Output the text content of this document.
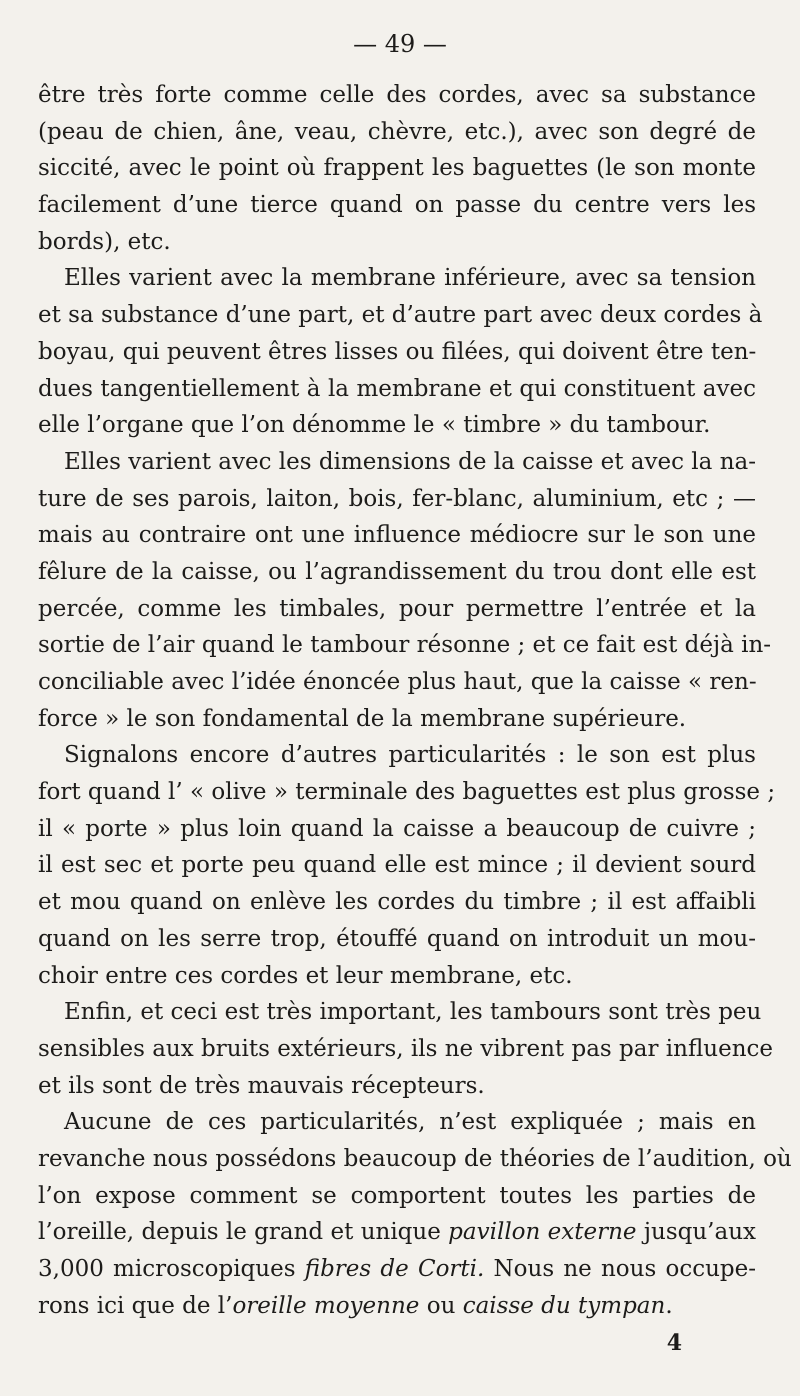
— 49 —
être très forte comme celle des cordes, avec sa substance
(peau de chien, âne, veau, chèvre, etc.), avec son degré de
siccité, avec le point où frappent les baguettes (le son monte
facilement d’une tierce quand on passe du centre vers les
bords), etc.
Elles varient avec la membrane inférieure, avec sa tension
et sa substance d’une part, et d’autre part avec deux cordes à
boyau, qui peuvent êtres lisses ou filées, qui doivent être ten-
dues tangentiellement à la membrane et qui constituent avec
elle l’organe que l’on dénomme le « timbre » du tambour.
Elles varient avec les dimensions de la caisse et avec la na-
ture de ses parois, laiton, bois, fer-blanc, aluminium, etc ; —
mais au contraire ont une influence médiocre sur le son une
fêlure de la caisse, ou l’agrandissement du trou dont elle est
percée, comme les timbales, pour permettre l’entrée et la
sortie de l’air quand le tambour résonne ; et ce fait est déjà in-
conciliable avec l’idée énoncée plus haut, que la caisse « ren-
force » le son fondamental de la membrane supérieure.
Signalons encore d’autres particularités : le son est plus
fort quand l’ « olive » terminale des baguettes est plus grosse ;
il « porte » plus loin quand la caisse a beaucoup de cuivre ;
il est sec et porte peu quand elle est mince ; il devient sourd
et mou quand on enlève les cordes du timbre ; il est affaibli
quand on les serre trop, étouffé quand on introduit un mou-
choir entre ces cordes et leur membrane, etc.
Enfin, et ceci est très important, les tambours sont très peu
sensibles aux bruits extérieurs, ils ne vibrent pas par influence
et ils sont de très mauvais récepteurs.
Aucune de ces particularités, n’est expliquée ; mais en
revanche nous possédons beaucoup de théories de l’audition, où
l’on expose comment se comportent toutes les parties de
l’oreille, depuis le grand et unique pavillon externe jusqu’aux
3,000 microscopiques fibres de Corti. Nous ne nous occupe-
rons ici que de l’oreille moyenne ou caisse du tympan.
4
